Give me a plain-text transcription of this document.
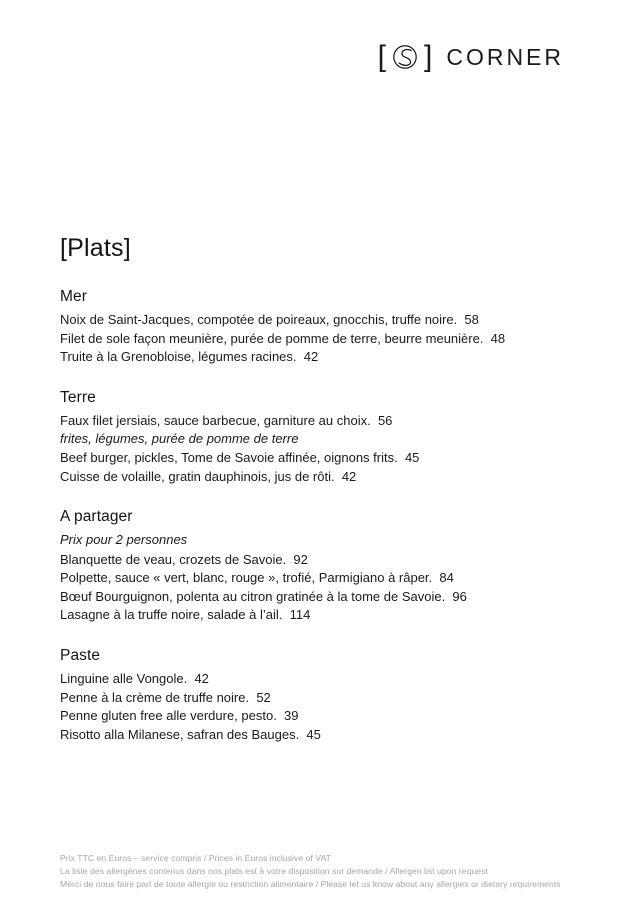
[ ] CORNER
[Plats]
Mer
Noix de Saint-Jacques, compotée de poireaux, gnocchis, truffe noire.  58
Filet de sole façon meunière, purée de pomme de terre, beurre meunière.  48
Truite à la Grenobloise, légumes racines.  42
Terre
Faux filet jersiais, sauce barbecue, garniture au choix.  56
frites, légumes, purée de pomme de terre
Beef burger, pickles, Tome de Savoie affinée, oignons frits.  45
Cuisse de volaille, gratin dauphinois, jus de rôti.  42
A partager
Prix pour 2 personnes
Blanquette de veau, crozets de Savoie.  92
Polpette, sauce « vert, blanc, rouge », trofié, Parmigiano à râper.  84
Bœuf Bourguignon, polenta au citron gratinée à la tome de Savoie.  96
Lasagne à la truffe noire, salade à l’ail.  114
Paste
Linguine alle Vongole.  42
Penne à la crème de truffe noire.  52
Penne gluten free alle verdure, pesto.  39
Risotto alla Milanese, safran des Bauges.  45
Prix TTC en Euros – service compris / Prices in Euros inclusive of VAT
La liste des allergènes contenus dans nos plats est à votre disposition sur demande / Allergen list upon request
Merci de nous faire part de toute allergie ou restriction alimentaire / Please let us know about any allergies or dietary requirements
